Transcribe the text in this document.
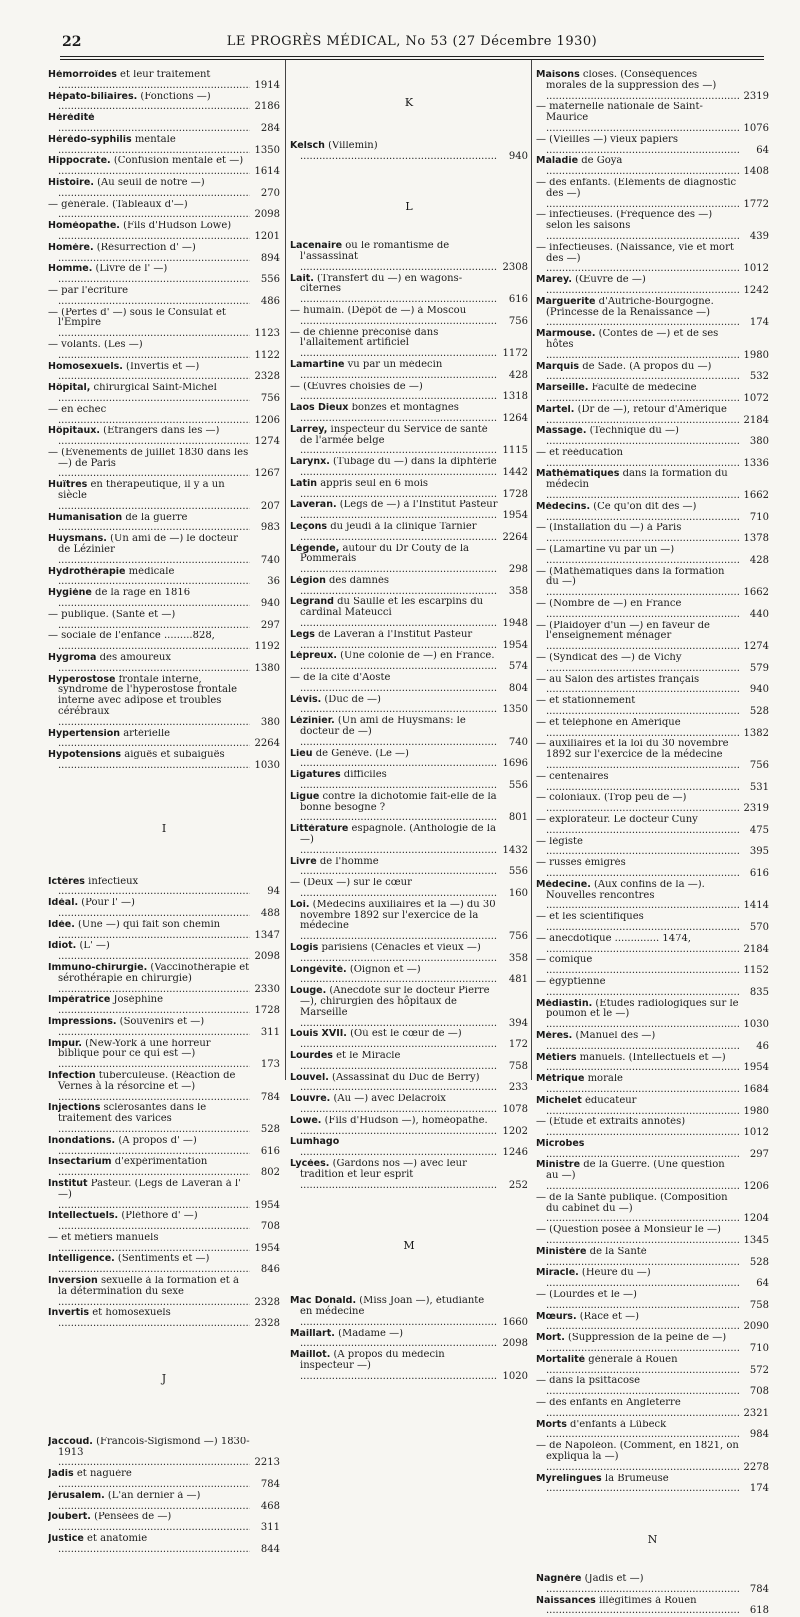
22	LE PROGRÈS MÉDICAL, No 53 (27 Décembre 1930)

Hémorroïdes et leur traitement .....
1914

Hépato-biliaires. (Fonctions —) .....
2186

Hérédité .....
284

Hérédo-syphilis mentale .....
1350

Hippocrate. (Confusion mentale et —) .....
1614

Histoire. (Au seuil de notre —) .....
270

— générale. (Tableaux d'—) .....
2098

Homéopathe. (Fils d'Hudson Lowe) .....
1201

Homère. (Résurrection d' —) .....
894

Homme. (Livre de l' —) .....
556

— par l'écriture .....
486

— (Pertes d' —) sous le Consulat et l'Empire .....
1123

— volants. (Les —) .....
1122

Homosexuels. (Invertis et —) .....
2328

Hôpital, chirurgical Saint-Michel .....
756

— en échec .....
1206

Hôpitaux. (Etrangers dans les —) .....
1274

— (Evénements de juillet 1830 dans les —) de Paris .....
1267

Huîtres en thérapeutique, il y a un siècle .....
207

Humanisation de la guerre .....
983

Huysmans. (Un ami de —) le docteur de Lézinier .....
740

Hydrothérapie médicale .....
36

Hygiène de la rage en 1816 .....
940

— publique. (Santé et —) .....
297

— sociale de l'enfance .........828, .....
1192

Hygroma des amoureux .....
1380

Hyperostose frontale interne, syndrome de l'hyperostose frontale interne avec adipose et troubles cérébraux .....
380

Hypertension artérielle .....
2264

Hypotensions aiguës et subaiguës .....
1030

I

Ictères infectieux .....
94

Idéal. (Pour l' —) .....
488

Idée. (Une —) qui fait son chemin .....
1347

Idiot. (L' —) .....
2098

Immuno-chirurgie. (Vaccinothérapie et sérothérapie en chirurgie) .....
2330

Impératrice Joséphine .....
1728

Impressions. (Souvenirs et —) .....
311

Impur. (New-York à une horreur biblique pour ce qui est —) .....
173

Infection tuberculeuse. (Réaction de Vernes à la résorcine et —) .....
784

Injections sclérosantes dans le traitement des varices .....
528

Inondations. (A propos d' —) .....
616

Insectarium d'expérimentation .....
802

Institut Pasteur. (Legs de Laveran à l' —) .....
1954

Intellectuels. (Pléthore d' —) .....
708

— et métiers manuels .....
1954

Intelligence. (Sentiments et —) .....
846

Inversion sexuelle à la formation et à la détermination du sexe .....
2328

Invertis et homosexuels .....
2328

J

Jaccoud. (Francois-Sigismond —) 1830-1913 .....
2213

Jadis et naguère .....
784

Jérusalem. (L'an dernier à —) .....
468

Joubert. (Pensées de —) .....
311

Justice et anatomie .....
844

K

Kelsch (Villemin) .....
940

L

Lacenaire ou le romantisme de l'assassinat .....
2308

Lait. (Transfert du —) en wagons-citernes .....
616

— humain. (Dépôt de —) à Moscou .....
756

— de chienne préconisé dans l'allaitement artificiel .....
1172

Lamartine vu par un médecin .....
428

— (Œuvres choisies de —) .....
1318

Laos Dieux bonzes et montagnes .....
1264

Larrey, inspecteur du Service de santé de l'armée belge .....
1115

Larynx. (Tubage du —) dans la diphtérie .....
1442

Latin appris seul en 6 mois .....
1728

Laveran. (Legs de —) à l'Institut Pasteur .....
1954

Leçons du jeudi à la clinique Tarnier .....
2264

Légende, autour du Dr Couty de la Pommerais .....
298

Légion des damnés .....
358

Legrand du Saulle et les escarpins du cardinal Mateucci .....
1948

Legs de Laveran à l'Institut Pasteur .....
1954

Lépreux. (Une colonie de —) en France. .....
574

— de la cité d'Aoste .....
804

Lévis. (Duc de —) .....
1350

Lézinier. (Un ami de Huysmans: le docteur de —) .....
740

Lieu de Genève. (Le —) .....
1696

Ligatures difficiles .....
556

Ligue contre la dichotomie fait-elle de la bonne besogne ? .....
801

Littérature espagnole. (Anthologie de la —) .....
1432

Livre de l'homme .....
556

— (Deux —) sur le cœur .....
160

Loi. (Médecins auxiliaires et la —) du 30 novembre 1892 sur l'exercice de la médecine .....
756

Logis parisiens (Cénacles et vieux —) .....
358

Longévité. (Oignon et —) .....
481

Louge. (Anecdote sur le docteur Pierre —), chirurgien des hôpitaux de Marseille .....
394

Louis XVII. (Où est le cœur de —) .....
172

Lourdes et le Miracle .....
758

Louvel. (Assassinat du Duc de Berry) .....
233

Louvre. (Au —) avec Delacroix .....
1078

Lowe. (Fils d'Hudson —), homéopathe. .....
1202

Lumhago .....
1246

Lycées. (Gardons nos —) avec leur tradition et leur esprit .....
252

M

Mac Donald. (Miss Joan —), étudiante en médecine .....
1660

Maillart. (Madame —) .....
2098

Maillot. (A propos du médecin inspecteur —) .....
1020

Maisons closes. (Conséquences morales de la suppression des —) .....
2319

— maternelle nationale de Saint-Maurice .....
1076

— (Vieilles —) vieux papiers .....
64

Maladie de Goya .....
1408

— des enfants. (Eléments de diagnostic des —) .....
1772

— infectieuses. (Fréquence des —) selon les saisons .....
439

— infectieuses. (Naissance, vie et mort des —) .....
1012

Marey. (Œuvre de —) .....
1242

Marguerite d'Autriche-Bourgogne. (Princesse de la Renaissance —) .....
174

Marmouse. (Contes de —) et de ses hôtes .....
1980

Marquis de Sade. (A propos du —) .....
532

Marseille. Faculté de médecine .....
1072

Martel. (Dr de —), retour d'Amérique .....
2184

Massage. (Technique du —) .....
380

— et rééducation .....
1336

Mathématiques dans la formation du médecin .....
1662

Médecins. (Ce qu'on dit des —) .....
710

— (Installation du —) à Paris .....
1378

— (Lamartine vu par un —) .....
428

— (Mathématiques dans la formation du —) .....
1662

— (Nombre de —) en France .....
440

— (Plaidoyer d'un —) en faveur de l'enseignement ménager .....
1274

— (Syndicat des —) de Vichy .....
579

— au Salon des artistes français .....
940

— et stationnement .....
528

— et téléphone en Amérique .....
1382

— auxiliaires et la loi du 30 novembre 1892 sur l'exercice de la médecine .....
756

— centenaires .....
531

— coloniaux. (Trop peu de —) .....
2319

— explorateur. Le docteur Cuny .....
475

— légiste .....
395

— russes émigrés .....
616

Médecine. (Aux confins de la —). Nouvelles rencontres .....
1414

— et les scientifiques .....
570

— anecdotique .............. 1474, .....
2184

— comique .....
1152

— égyptienne .....
835

Médiastin. (Etudes radiologiques sur le poumon et le —) .....
1030

Mères. (Manuel des —) .....
46

Métiers manuels. (Intellectuels et —) .....
1954

Métrique morale .....
1684

Michelet éducateur .....
1980

— (Etude et extraits annotés) .....
1012

Microbes .....
297

Ministre de la Guerre. (Une question au —) .....
1206

— de la Santé publique. (Composition du cabinet du —) .....
1204

— (Question posée à Monsieur le —) .....
1345

Ministère de la Santé .....
528

Miracle. (Heure du —) .....
64

— (Lourdes et le —) .....
758

Mœurs. (Race et —) .....
2090

Mort. (Suppression de la peine de —) .....
710

Mortalité générale à Rouen .....
572

— dans la psittacose .....
708

— des enfants en Angleterre .....
2321

Morts d'enfants à Lübeck .....
984

— de Napoléon. (Comment, en 1821, on expliqua la —) .....
2278

Myrelingues la Brumeuse .....
174

N

Nagnère (Jadis et —) .....
784

Naissances illégitimes à Rouen .....
618
